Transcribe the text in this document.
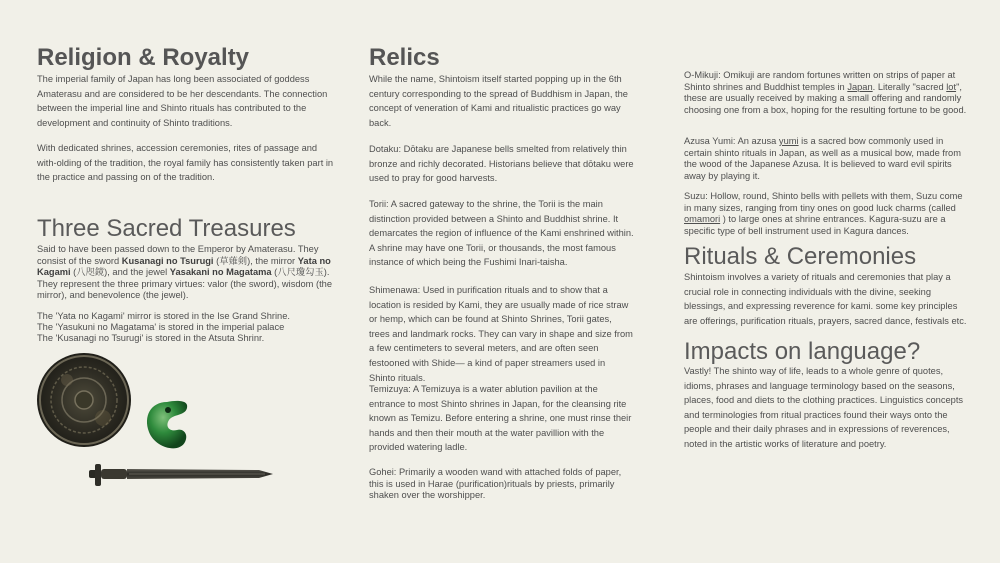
Religion & Royalty

The imperial family of Japan has long been associated of goddess Amaterasu and are considered to be her descendants. The connection between the imperial line and Shinto rituals has contributed to the development and continuity of Shinto traditions.

With dedicated shrines, accession ceremonies, rites of passage and with-olding of the tradition, the royal family has consistently taken part in the practice and passing on of the tradition.

Three Sacred Treasures

Said to have been passed down to the Emperor by Amaterasu. They consist of the sword Kusanagi no Tsurugi (草薙剣), the mirror Yata no Kagami (八咫鏡), and the jewel Yasakani no Magatama (八尺瓊勾玉). They represent the three primary virtues: valor (the sword), wisdom (the mirror), and benevolence (the jewel).

The 'Yata no Kagami' mirror is stored in the Ise Grand Shrine.

The 'Yasukuni no Magatama' is stored in the imperial palace

The 'Kusanagi no Tsurugi' is stored in the Atsuta Shrinr.

Relics

While the name, Shintoism itself started popping up in the 6th century corresponding to the spread of Buddhism in Japan, the concept of veneration of Kami and ritualistic practices go way back.

Dotaku: Dōtaku are Japanese bells smelted from relatively thin bronze and richly decorated. Historians believe that dōtaku were used to pray for good harvests.

Torii: A sacred gateway to the shrine, the Torii is the main distinction provided between a Shinto and Buddhist shrine. It demarcates the region of influence of the Kami enshrined within. A shrine may have one Torii, or thousands, the most famous instance of which being the Fushimi Inari-taisha.

Shimenawa: Used in purification rituals and to show that a location is resided by Kami, they are usually made of rice straw or hemp, which can be found at Shinto Shrines, Torii gates, trees and landmark rocks. They can vary in shape and size from a few centimeters to several meters, and are often seen festooned with Shide— a kind of paper streamers used in Shinto rituals.

Temizuya: A Temizuya is a water ablution pavilion at the entrance to most Shinto shrines in Japan, for the cleansing rite known as Temizu. Before entering a shrine, one must rinse their hands and then their mouth at the water pavillion with the provided watering ladle.

Gohei: Primarily a wooden wand with attached folds of paper, this is used in Harae (purification)rituals by priests, primarily shaken over the worshipper.

O-Mikuji: Omikuji are random fortunes written on strips of paper at Shinto shrines and Buddhist temples in Japan. Literally "sacred lot", these are usually received by making a small offering and randomly choosing one from a box, hoping for the resulting fortune to be good.

Azusa Yumi: An azusa yumi is a sacred bow commonly used in certain shinto rituals in Japan, as well as a musical bow, made from the wood of the Japanese Azusa. It is believed to ward evil spirits away by playing it.

Suzu: Hollow, round, Shinto bells with pellets with them, Suzu come in many sizes, ranging from tiny ones on good luck charms (called omamori ) to large ones at shrine entrances. Kagura-suzu are a specific type of bell instrument used in Kagura dances.

Rituals & Ceremonies

Shintoism involves a variety of rituals and ceremonies that play a crucial role in connecting individuals with the divine, seeking blessings, and expressing reverence for kami. some key principles are offerings, purification rituals, prayers, sacred dance, festivals etc.

Impacts on language?

Vastly! The shinto way of life, leads to a whole genre of quotes, idioms, phrases and language terminology based on the seasons, places, food and diets to the clothing practices. Linguistics concepts and terminologies from ritual practices found their ways onto the people and their daily phrases and in expressions of reverences, noted in the artistic works of literature and poetry.
